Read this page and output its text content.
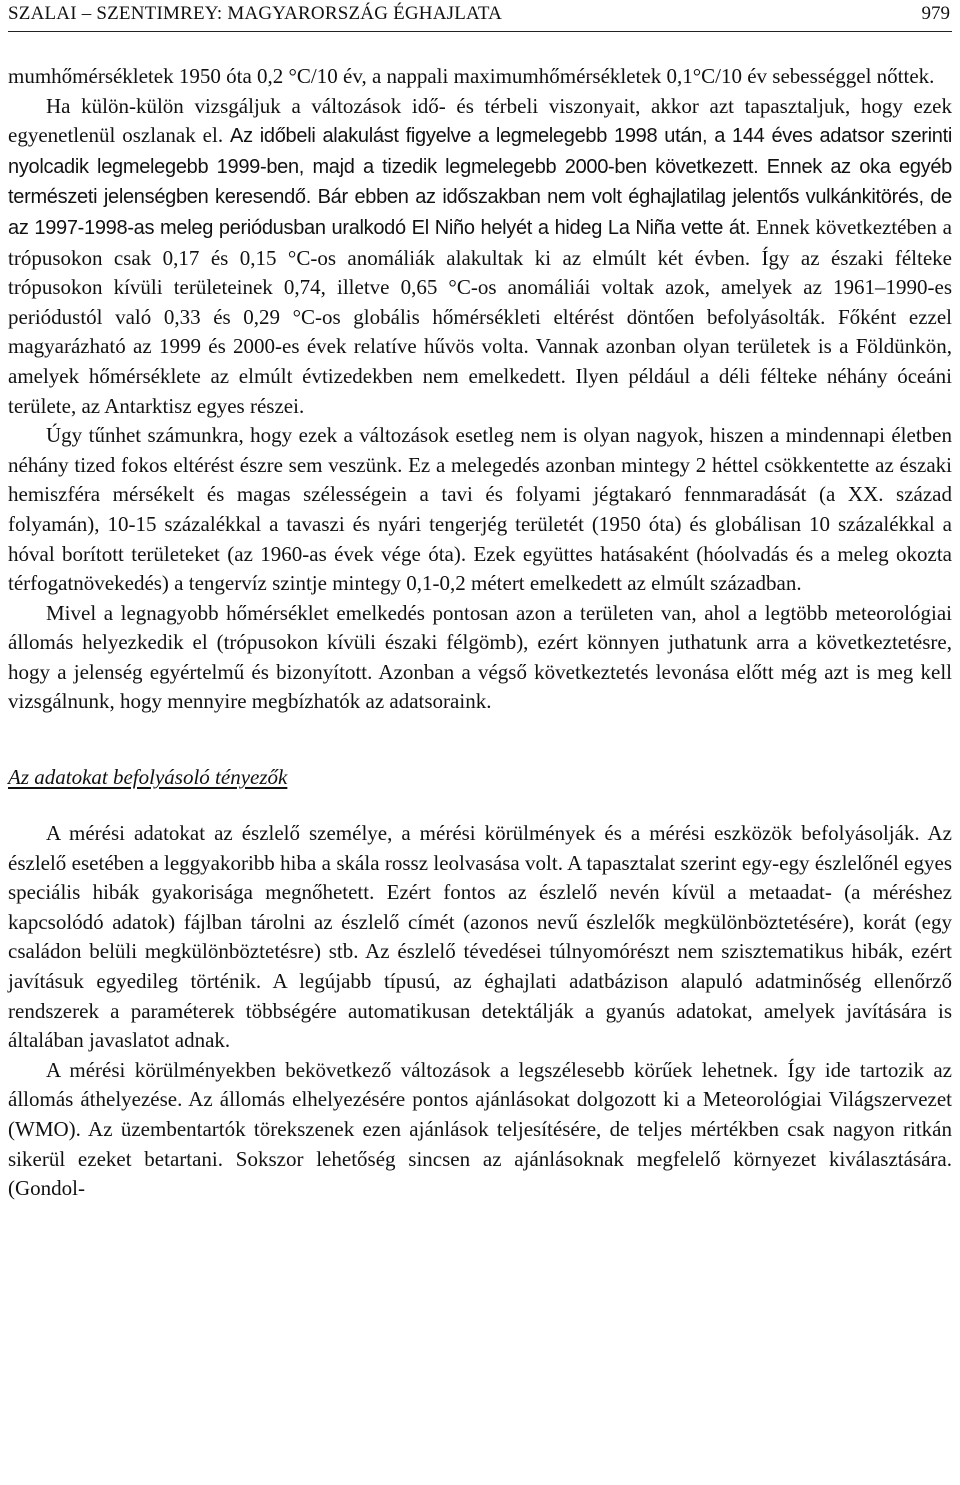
SZALAI – SZENTIMREY: MAGYARORSZÁG ÉGHAJLATA	979

mumhőmérsékletek 1950 óta 0,2 °C/10 év, a nappali maximumhőmérsékletek 0,1°C/10 év sebességgel nőttek.

Ha külön-külön vizsgáljuk a változások idő- és térbeli viszonyait, akkor azt tapasztaljuk, hogy ezek egyenetlenül oszlanak el. Az időbeli alakulást figyelve a legmelegebb 1998 után, a 144 éves adatsor szerinti nyolcadik legmelegebb 1999-ben, majd a tizedik legmelegebb 2000-ben következett. Ennek az oka egyéb természeti jelenségben keresendő. Bár ebben az időszakban nem volt éghajlatilag jelentős vulkánkitörés, de az 1997-1998-as meleg periódusban uralkodó El Niño helyét a hideg La Niña vette át. Ennek következtében a trópusokon csak 0,17 és 0,15 °C-os anomáliák alakultak ki az elmúlt két évben. Így az északi félteke trópusokon kívüli területeinek 0,74, illetve 0,65 °C-os anomáliái voltak azok, amelyek az 1961–1990-es periódustól való 0,33 és 0,29 °C-os globális hőmérsékleti eltérést döntően befolyásolták. Főként ezzel magyarázható az 1999 és 2000-es évek relatíve hűvös volta. Vannak azonban olyan területek is a Földünkön, amelyek hőmérséklete az elmúlt évtizedekben nem emelkedett. Ilyen például a déli félteke néhány óceáni területe, az Antarktisz egyes részei.

Úgy tűnhet számunkra, hogy ezek a változások esetleg nem is olyan nagyok, hiszen a mindennapi életben néhány tized fokos eltérést észre sem veszünk. Ez a melegedés azonban mintegy 2 héttel csökkentette az északi hemiszféra mérsékelt és magas szélességein a tavi és folyami jégtakaró fennmaradását (a XX. század folyamán), 10-15 százalékkal a tavaszi és nyári tengerjég területét (1950 óta) és globálisan 10 százalékkal a hóval borított területeket (az 1960-as évek vége óta). Ezek együttes hatásaként (hóolvadás és a meleg okozta térfogatnövekedés) a tengervíz szintje mintegy 0,1-0,2 métert emelkedett az elmúlt században.

Mivel a legnagyobb hőmérséklet emelkedés pontosan azon a területen van, ahol a legtöbb meteorológiai állomás helyezkedik el (trópusokon kívüli északi félgömb), ezért könnyen juthatunk arra a következtetésre, hogy a jelenség egyértelmű és bizonyított. Azonban a végső következtetés levonása előtt még azt is meg kell vizsgálnunk, hogy mennyire megbízhatók az adatsoraink.

Az adatokat befolyásoló tényezők

A mérési adatokat az észlelő személye, a mérési körülmények és a mérési eszközök befolyásolják. Az észlelő esetében a leggyakoribb hiba a skála rossz leolvasása volt. A tapasztalat szerint egy-egy észlelőnél egyes speciális hibák gyakorisága megnőhetett. Ezért fontos az észlelő nevén kívül a metaadat- (a méréshez kapcsolódó adatok) fájlban tárolni az észlelő címét (azonos nevű észlelők megkülönböztetésére), korát (egy családon belüli megkülönböztetésre) stb. Az észlelő tévedései túlnyomórészt nem szisztematikus hibák, ezért javításuk egyedileg történik. A legújabb típusú, az éghajlati adatbázison alapuló adatminőség ellenőrző rendszerek a paraméterek többségére automatikusan detektálják a gyanús adatokat, amelyek javítására is általában javaslatot adnak.

A mérési körülményekben bekövetkező változások a legszélesebb körűek lehetnek. Így ide tartozik az állomás áthelyezése. Az állomás elhelyezésére pontos ajánlásokat dolgozott ki a Meteorológiai Világszervezet (WMO). Az üzembentartók törekszenek ezen ajánlások teljesítésére, de teljes mértékben csak nagyon ritkán sikerül ezeket betartani. Sokszor lehetőség sincsen az ajánlásoknak megfelelő környezet kiválasztására. (Gondol-
